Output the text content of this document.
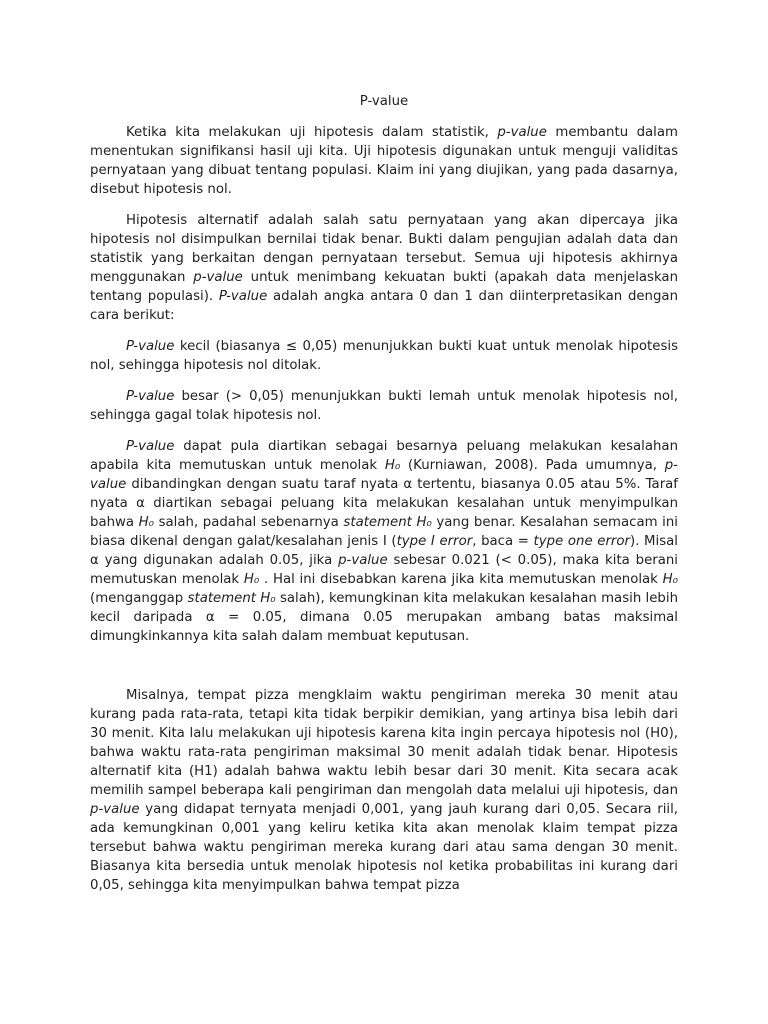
P-value
Ketika kita melakukan uji hipotesis dalam statistik, p-value membantu dalam menentukan signifikansi hasil uji kita. Uji hipotesis digunakan untuk menguji validitas pernyataan yang dibuat tentang populasi. Klaim ini yang diujikan, yang pada dasarnya, disebut hipotesis nol.
Hipotesis alternatif adalah salah satu pernyataan yang akan dipercaya jika hipotesis nol disimpulkan bernilai tidak benar. Bukti dalam pengujian adalah data dan statistik yang berkaitan dengan pernyataan tersebut. Semua uji hipotesis akhirnya menggunakan p-value untuk menimbang kekuatan bukti (apakah data menjelaskan tentang populasi). P-value adalah angka antara 0 dan 1 dan diinterpretasikan dengan cara berikut:
P-value kecil (biasanya ≤ 0,05) menunjukkan bukti kuat untuk menolak hipotesis nol, sehingga hipotesis nol ditolak.
P-value besar (> 0,05) menunjukkan bukti lemah untuk menolak hipotesis nol, sehingga gagal tolak hipotesis nol.
P-value dapat pula diartikan sebagai besarnya peluang melakukan kesalahan apabila kita memutuskan untuk menolak H₀ (Kurniawan, 2008). Pada umumnya, p-value dibandingkan dengan suatu taraf nyata α tertentu, biasanya 0.05 atau 5%. Taraf nyata α diartikan sebagai peluang kita melakukan kesalahan untuk menyimpulkan bahwa H₀ salah, padahal sebenarnya statement H₀ yang benar. Kesalahan semacam ini biasa dikenal dengan galat/kesalahan jenis I (type I error, baca = type one error). Misal α yang digunakan adalah 0.05, jika p-value sebesar 0.021 (< 0.05), maka kita berani memutuskan menolak H₀ . Hal ini disebabkan karena jika kita memutuskan menolak H₀ (menganggap statement H₀ salah), kemungkinan kita melakukan kesalahan masih lebih kecil daripada α = 0.05, dimana 0.05 merupakan ambang batas maksimal dimungkinkannya kita salah dalam membuat keputusan.
Misalnya, tempat pizza mengklaim waktu pengiriman mereka 30 menit atau kurang pada rata-rata, tetapi kita tidak berpikir demikian, yang artinya bisa lebih dari 30 menit. Kita lalu melakukan uji hipotesis karena kita ingin percaya hipotesis nol (H0), bahwa waktu rata-rata pengiriman maksimal 30 menit adalah tidak benar. Hipotesis alternatif kita (H1) adalah bahwa waktu lebih besar dari 30 menit. Kita secara acak memilih sampel beberapa kali pengiriman dan mengolah data melalui uji hipotesis, dan p-value yang didapat ternyata menjadi 0,001, yang jauh kurang dari 0,05. Secara riil, ada kemungkinan 0,001 yang keliru ketika kita akan menolak klaim tempat pizza tersebut bahwa waktu pengiriman mereka kurang dari atau sama dengan 30 menit. Biasanya kita bersedia untuk menolak hipotesis nol ketika probabilitas ini kurang dari 0,05, sehingga kita menyimpulkan bahwa tempat pizza
